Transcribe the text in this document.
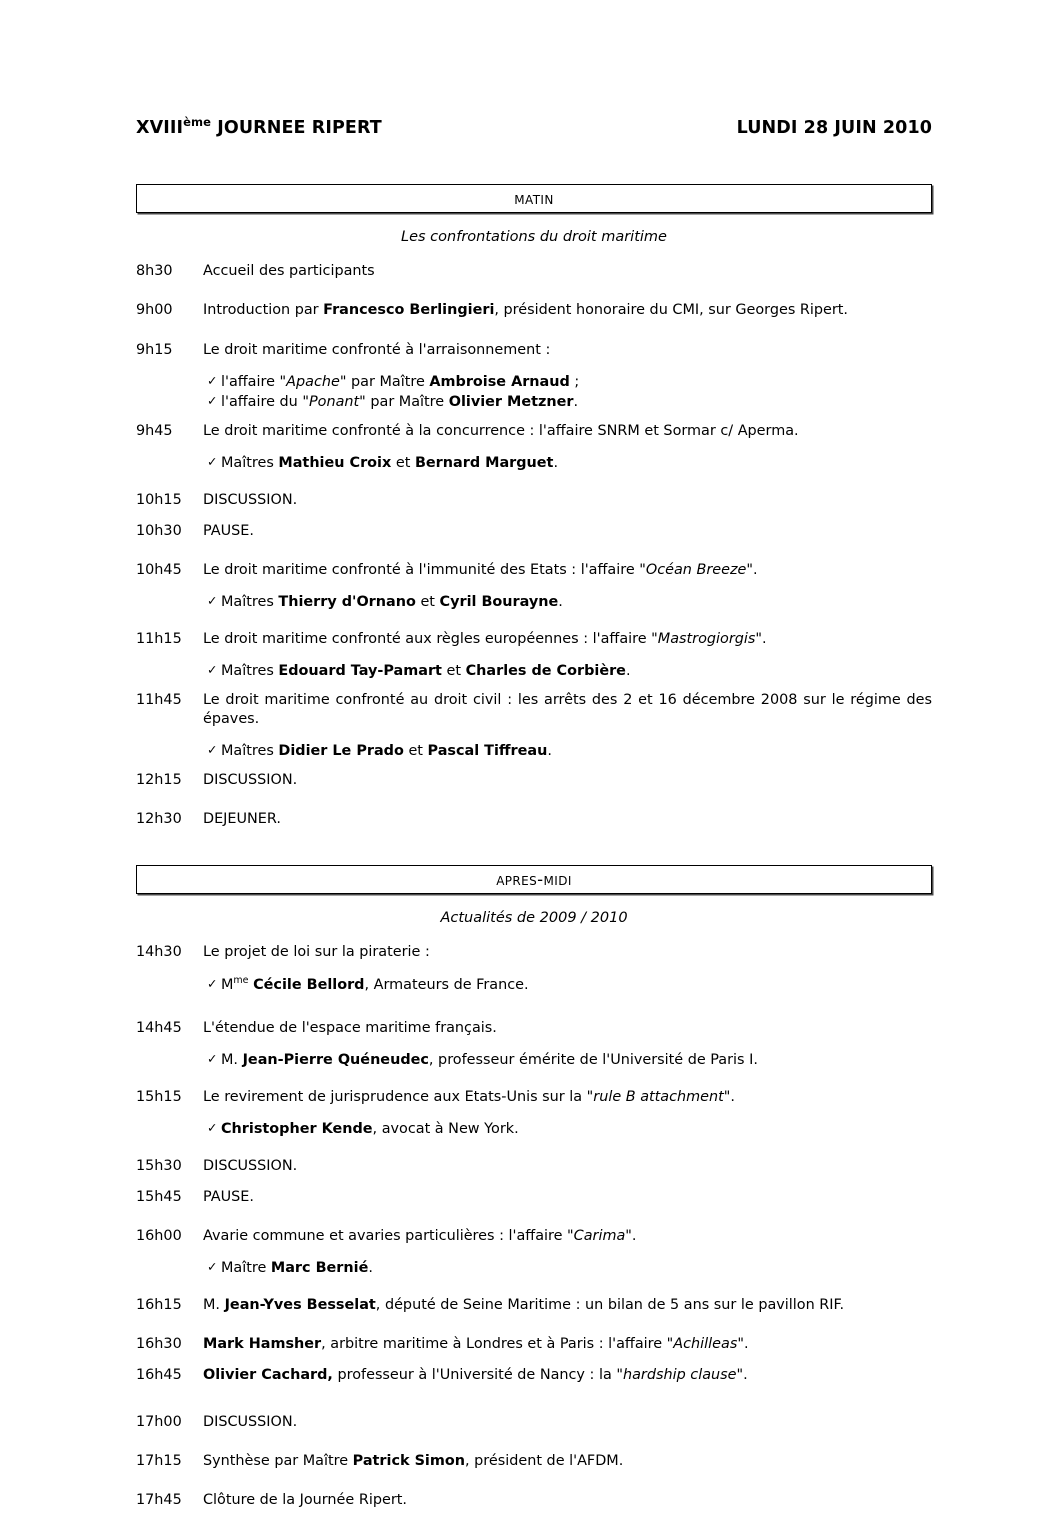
XVIIIème JOURNEE RIPERT	LUNDI 28 JUIN 2010
matin
Les confrontations du droit maritime
8h30	Accueil des participants
9h00	Introduction par Francesco Berlingieri, président honoraire du CMI, sur Georges Ripert.
9h15	Le droit maritime confronté à l'arraisonnement :
✓ l'affaire "Apache" par Maître Ambroise Arnaud ;
✓ l'affaire du "Ponant" par Maître Olivier Metzner.
9h45	Le droit maritime confronté à la concurrence : l'affaire SNRM et Sormar c/ Aperma.
✓ Maîtres Mathieu Croix et Bernard Marguet.
10h15	DISCUSSION.
10h30	PAUSE.
10h45	Le droit maritime confronté à l'immunité des Etats : l'affaire "Océan Breeze".
✓ Maîtres Thierry d'Ornano et Cyril Bourayne.
11h15	Le droit maritime confronté aux règles européennes : l'affaire "Mastrogiorgis".
✓ Maîtres Edouard Tay-Pamart et Charles de Corbière.
11h45	Le droit maritime confronté au droit civil : les arrêts des 2 et 16 décembre 2008 sur le régime des épaves.
✓ Maîtres Didier Le Prado et Pascal Tiffreau.
12h15	DISCUSSION.
12h30	DEJEUNER.
apres-midi
Actualités de 2009 / 2010
14h30	Le projet de loi sur la piraterie :
✓ $M^{me}$ Cécile Bellord, Armateurs de France.
14h45	L'étendue de l'espace maritime français.
✓ M. Jean-Pierre Quéneudec, professeur émérite de l'Université de Paris I.
15h15	Le revirement de jurisprudence aux Etats-Unis sur la "rule B attachment".
✓ Christopher Kende, avocat à New York.
15h30	DISCUSSION.
15h45	PAUSE.
16h00	Avarie commune et avaries particulières : l'affaire "Carima".
✓ Maître Marc Bernié.
16h15	M. Jean-Yves Besselat, député de Seine Maritime : un bilan de 5 ans sur le pavillon RIF.
16h30	Mark Hamsher, arbitre maritime à Londres et à Paris : l'affaire "Achilleas".
16h45	Olivier Cachard, professeur à l'Université de Nancy : la "hardship clause".
17h00	DISCUSSION.
17h15	Synthèse par Maître Patrick Simon, président de l'AFDM.
17h45	Clôture de la Journée Ripert.
